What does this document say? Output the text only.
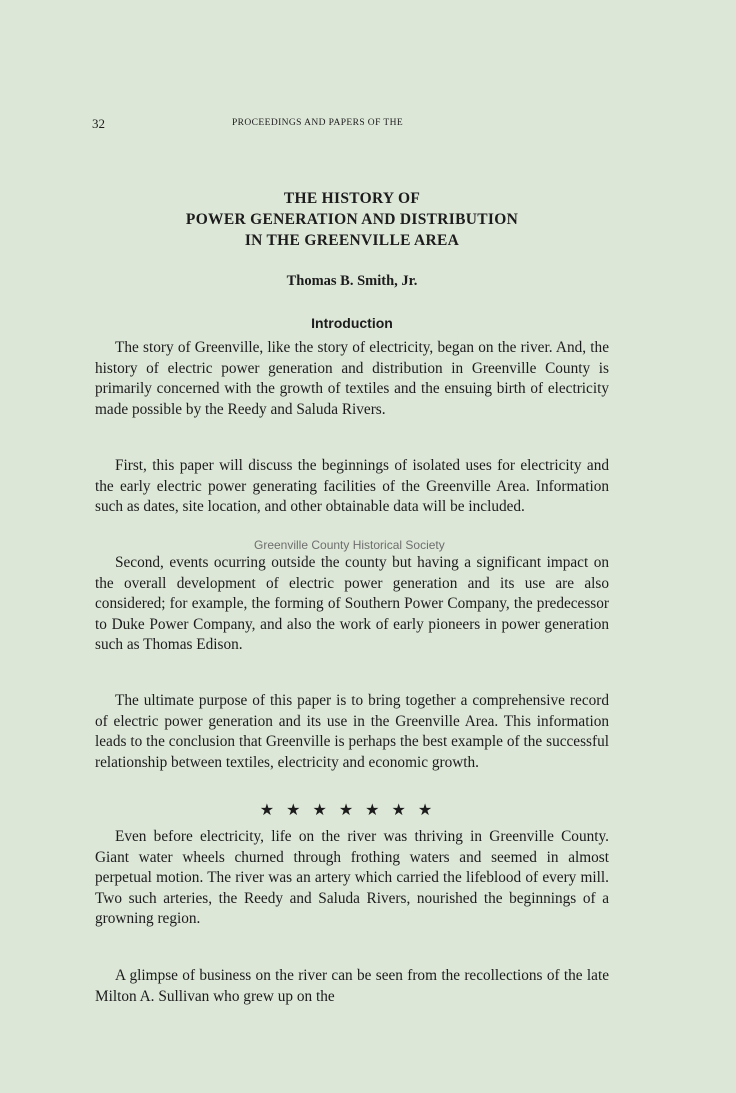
32	PROCEEDINGS AND PAPERS OF THE
THE HISTORY OF
POWER GENERATION AND DISTRIBUTION
IN THE GREENVILLE AREA
Thomas B. Smith, Jr.
Introduction

The story of Greenville, like the story of electricity, began on the river. And, the history of electric power generation and distribution in Greenville County is primarily concerned with the growth of textiles and the ensuing birth of electricity made possible by the Reedy and Saluda Rivers.

First, this paper will discuss the beginnings of isolated uses for electricity and the early electric power generating facilities of the Greenville Area. Information such as dates, site location, and other obtainable data will be included.

Greenville County Historical Society

Second, events ocurring outside the county but having a significant impact on the overall development of electric power generation and its use are also considered; for example, the forming of Southern Power Company, the predecessor to Duke Power Company, and also the work of early pioneers in power generation such as Thomas Edison.

The ultimate purpose of this paper is to bring together a comprehensive record of electric power generation and its use in the Greenville Area. This information leads to the conclusion that Greenville is perhaps the best example of the successful relationship between textiles, electricity and economic growth.

★★★★★★★

Even before electricity, life on the river was thriving in Greenville County. Giant water wheels churned through frothing waters and seemed in almost perpetual motion. The river was an artery which carried the lifeblood of every mill. Two such arteries, the Reedy and Saluda Rivers, nourished the beginnings of a growning region.

A glimpse of business on the river can be seen from the recollections of the late Milton A. Sullivan who grew up on the
